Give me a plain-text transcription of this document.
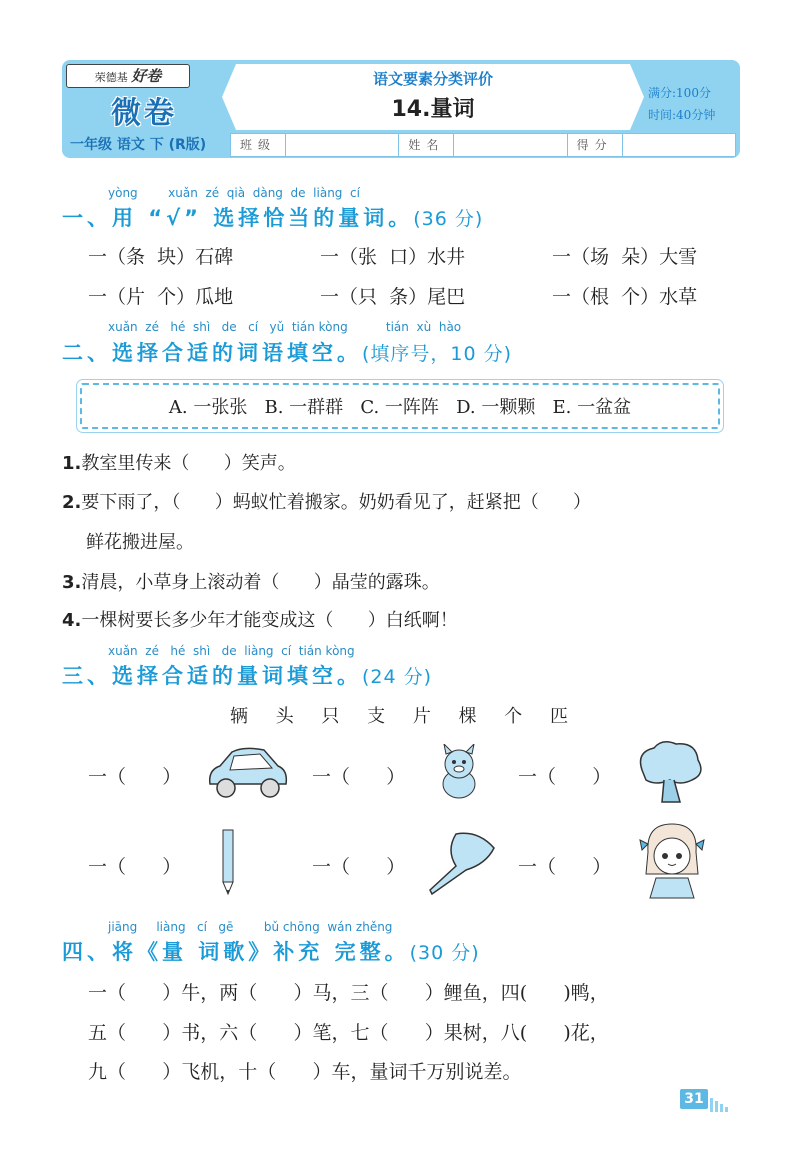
荣德基 好卷
微卷
一年级 语文 下 (R版)
语文要素分类评价
14.量词
满分:100分
时间:40分钟
班级	姓名	得分
yòng        xuǎn  zé  qià  dàng  de  liàng  cí
一、用 “√” 选择恰当的量词。(36 分)
一（条  块）石碑	一（张  口）水井	一（场  朵）大雪
一（片  个）瓜地	一（只  条）尾巴	一（根  个）水草
xuǎn  zé   hé  shì   de   cí   yǔ  tián kòng          tián  xù  hào
二、选择合适的词语填空。(填序号，10 分)
A. 一张张   B. 一群群   C. 一阵阵   D. 一颗颗   E. 一盆盆
1.教室里传来（      ）笑声。
2.要下雨了，（      ）蚂蚁忙着搬家。奶奶看见了，赶紧把（      ）
鲜花搬进屋。
3.清晨，小草身上滚动着（      ）晶莹的露珠。
4.一棵树要长多少年才能变成这（      ）白纸啊！
xuǎn  zé   hé  shì   de  liàng  cí  tián kòng
三、选择合适的量词填空。(24 分)
辆 头 只 支 片 棵 个 匹
一（      ）	一（      ）	一（      ）
一（      ）	一（      ）	一（      ）
jiāng     liàng   cí   gē        bǔ chōng  wán zhěng
四、将《量 词歌》补充 完整。(30 分)
一（      ）牛，两（      ）马，三（      ）鲤鱼，四(      )鸭，
五（      ）书，六（      ）笔，七（      ）果树，八(      )花，
九（      ）飞机，十（      ）车，量词千万别说差。
31
